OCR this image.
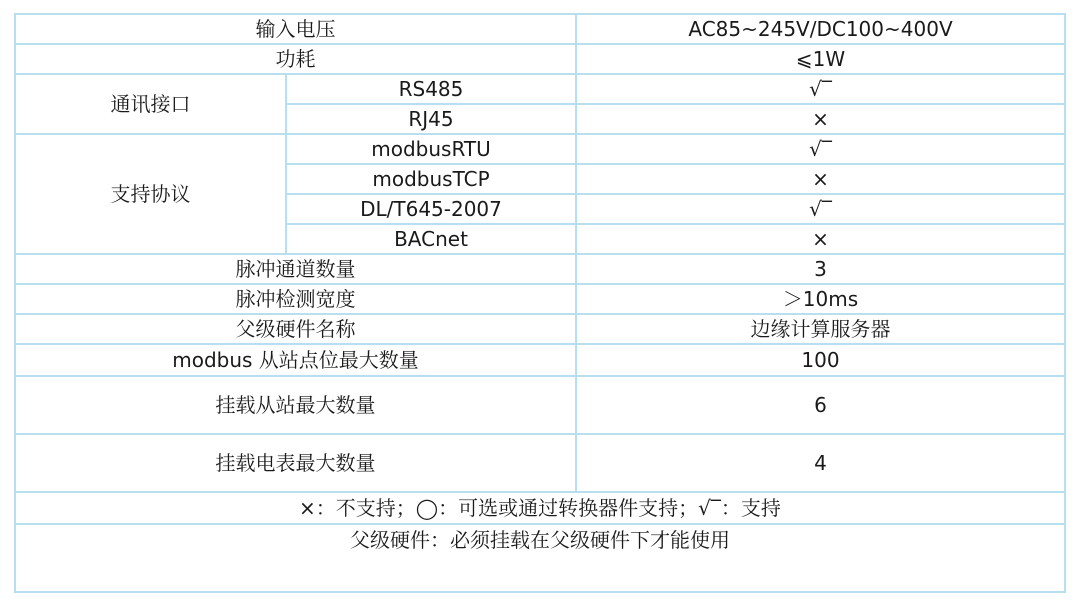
输入电压		AC85~245V/DC100~400V
功耗		⩽1W
通讯接口	RS485	√‾
	RJ45	×
支持协议	modbusRTU	√‾
	modbusTCP	×
	DL/T645-2007	√‾
	BACnet	×
脉冲通道数量		3
脉冲检测宽度		＞10ms
父级硬件名称		边缘计算服务器
modbus 从站点位最大数量		100
挂载从站最大数量		6
挂载电表最大数量		4
×：不支持；◯：可选或通过转换器件支持；√‾：支持		
父级硬件：必须挂载在父级硬件下才能使用		
